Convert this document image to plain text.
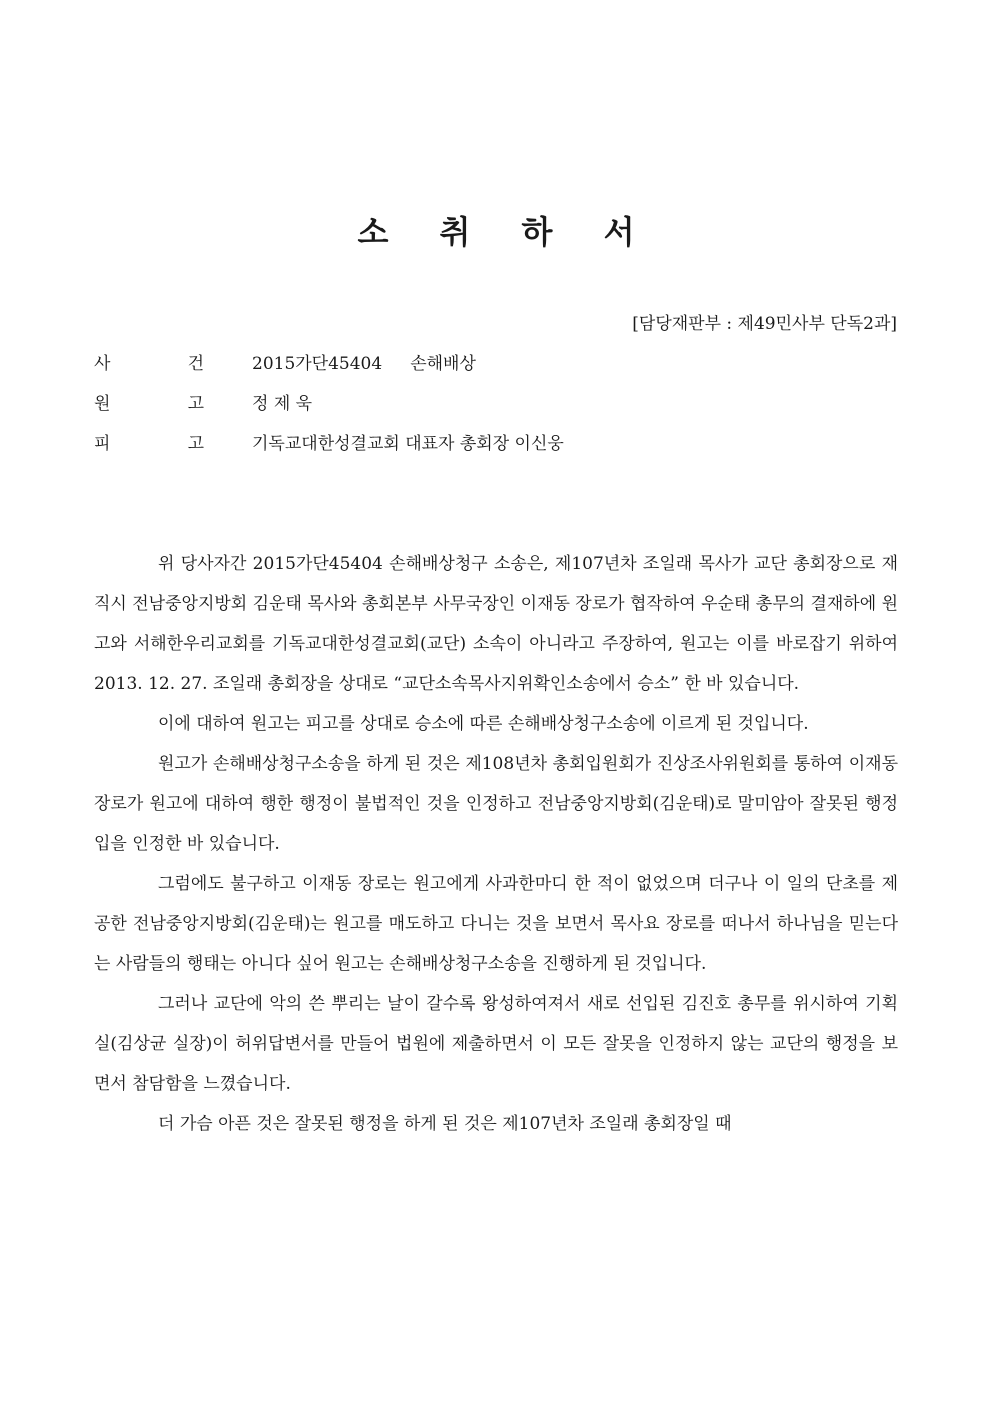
소 취 하 서
[담당재판부 : 제49민사부 단독2과]
사	건	2015가단45404 손해배상
원	고	정 제 욱
피	고	기독교대한성결교회 대표자 총회장 이신웅

위 당사자간 2015가단45404 손해배상청구 소송은, 제107년차 조일래 목사가 교단 총회장으로 재직시 전남중앙지방회 김운태 목사와 총회본부 사무국장인 이재동 장로가 협작하여 우순태 총무의 결재하에 원고와 서해한우리교회를 기독교대한성결교회(교단) 소속이 아니라고 주장하여, 원고는 이를 바로잡기 위하여 2013. 12. 27. 조일래 총회장을 상대로 “교단소속목사지위확인소송에서 승소” 한 바 있습니다.

이에 대하여 원고는 피고를 상대로 승소에 따른 손해배상청구소송에 이르게 된 것입니다.

원고가 손해배상청구소송을 하게 된 것은 제108년차 총회입원회가 진상조사위원회를 통하여 이재동 장로가 원고에 대하여 행한 행정이 불법적인 것을 인정하고 전남중앙지방회(김운태)로 말미암아 잘못된 행정입을 인정한 바 있습니다.

그럼에도 불구하고 이재동 장로는 원고에게 사과한마디 한 적이 없었으며 더구나 이 일의 단초를 제공한 전남중앙지방회(김운태)는 원고를 매도하고 다니는 것을 보면서 목사요 장로를 떠나서 하나님을 믿는다는 사람들의 행태는 아니다 싶어 원고는 손해배상청구소송을 진행하게 된 것입니다.

그러나 교단에 악의 쓴 뿌리는 날이 갈수록 왕성하여져서 새로 선입된 김진호 총무를 위시하여 기획실(김상균 실장)이 허위답변서를 만들어 법원에 제출하면서 이 모든 잘못을 인정하지 않는 교단의 행정을 보면서 참담함을 느꼈습니다.

더 가슴 아픈 것은 잘못된 행정을 하게 된 것은 제107년차 조일래 총회장일 때
